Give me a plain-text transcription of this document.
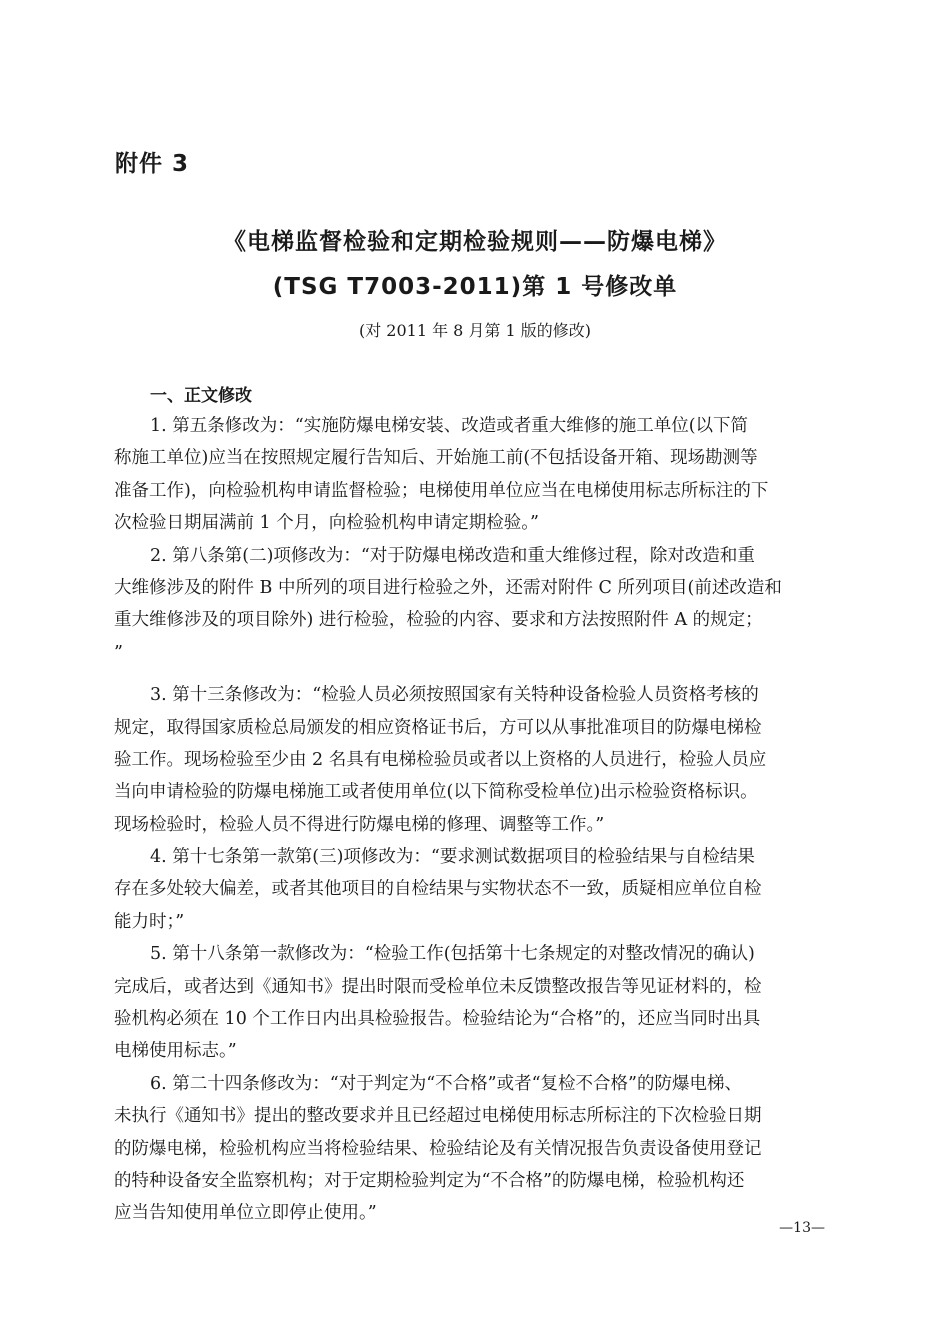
附件 3
《电梯监督检验和定期检验规则——防爆电梯》
(TSG T7003-2011)第 1 号修改单
(对 2011 年 8 月第 1 版的修改)
一、正文修改
1. 第五条修改为：“实施防爆电梯安装、改造或者重大维修的施工单位(以下简
称施工单位)应当在按照规定履行告知后、开始施工前(不包括设备开箱、现场勘测等
准备工作)，向检验机构申请监督检验；电梯使用单位应当在电梯使用标志所标注的下
次检验日期届满前 1 个月，向检验机构申请定期检验。”
2. 第八条第(二)项修改为：“对于防爆电梯改造和重大维修过程，除对改造和重
大维修涉及的附件 B 中所列的项目进行检验之外，还需对附件 C 所列项目(前述改造和
重大维修涉及的项目除外) 进行检验，检验的内容、要求和方法按照附件 A 的规定；
”
3. 第十三条修改为：“检验人员必须按照国家有关特种设备检验人员资格考核的
规定，取得国家质检总局颁发的相应资格证书后，方可以从事批准项目的防爆电梯检
验工作。现场检验至少由 2 名具有电梯检验员或者以上资格的人员进行，检验人员应
当向申请检验的防爆电梯施工或者使用单位(以下简称受检单位)出示检验资格标识。
现场检验时，检验人员不得进行防爆电梯的修理、调整等工作。”
4. 第十七条第一款第(三)项修改为：“要求测试数据项目的检验结果与自检结果
存在多处较大偏差，或者其他项目的自检结果与实物状态不一致，质疑相应单位自检
能力时；”
5. 第十八条第一款修改为：“检验工作(包括第十七条规定的对整改情况的确认)
完成后，或者达到《通知书》提出时限而受检单位未反馈整改报告等见证材料的，检
验机构必须在 10 个工作日内出具检验报告。检验结论为“合格”的，还应当同时出具
电梯使用标志。”
6. 第二十四条修改为：“对于判定为“不合格”或者“复检不合格”的防爆电梯、
未执行《通知书》提出的整改要求并且已经超过电梯使用标志所标注的下次检验日期
的防爆电梯，检验机构应当将检验结果、检验结论及有关情况报告负责设备使用登记
的特种设备安全监察机构；对于定期检验判定为“不合格”的防爆电梯，检验机构还
应当告知使用单位立即停止使用。”
—13—
